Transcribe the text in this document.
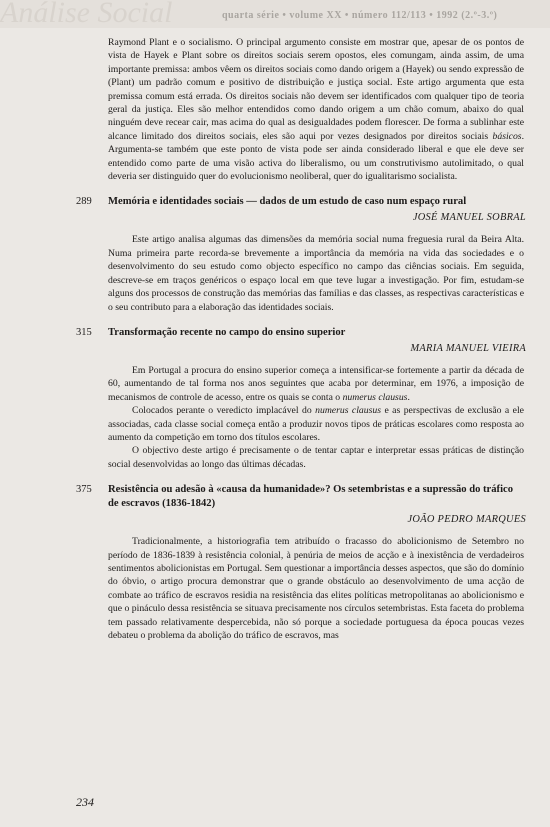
Análise Social	quarta série • volume XX • número 112/113 • 1992 (2.º-3.º)

Raymond Plant e o socialismo. O principal argumento consiste em mostrar que, apesar de os pontos de vista de Hayek e Plant sobre os direitos sociais serem opostos, eles comungam, ainda assim, de uma importante premissa: ambos vêem os direitos sociais como dando origem a (Hayek) ou sendo expressão de (Plant) um padrão comum e positivo de distribuição e justiça social. Este artigo argumenta que esta premissa comum está errada. Os direitos sociais não devem ser identificados com qualquer tipo de teoria geral da justiça. Eles são melhor entendidos como dando origem a um chão comum, abaixo do qual ninguém deve recear cair, mas acima do qual as desigualdades podem florescer. De forma a sublinhar este alcance limitado dos direitos sociais, eles são aqui por vezes designados por direitos sociais básicos. Argumenta-se também que este ponto de vista pode ser ainda considerado liberal e que ele deve ser entendido como parte de uma visão activa do liberalismo, ou um construtivismo autolimitado, o qual deveria ser distinguido quer do evolucionismo neoliberal, quer do igualitarismo socialista.

289 Memória e identidades sociais — dados de um estudo de caso num espaço rural
JOSÉ MANUEL SOBRAL

Este artigo analisa algumas das dimensões da memória social numa freguesia rural da Beira Alta. Numa primeira parte recorda-se brevemente a importância da memória na vida das sociedades e o desenvolvimento do seu estudo como objecto específico no campo das ciências sociais. Em seguida, descreve-se em traços genéricos o espaço local em que teve lugar a investigação. Por fim, estudam-se alguns dos processos de construção das memórias das famílias e das classes, as respectivas características e o seu contributo para a elaboração das identidades sociais.

315 Transformação recente no campo do ensino superior
MARIA MANUEL VIEIRA

Em Portugal a procura do ensino superior começa a intensificar-se fortemente a partir da década de 60, aumentando de tal forma nos anos seguintes que acaba por determinar, em 1976, a imposição de mecanismos de controle de acesso, entre os quais se conta o numerus clausus.

Colocados perante o veredicto implacável do numerus clausus e as perspectivas de exclusão a ele associadas, cada classe social começa então a produzir novos tipos de práticas escolares como resposta ao aumento da competição em torno dos títulos escolares.

O objectivo deste artigo é precisamente o de tentar captar e interpretar essas práticas de distinção social desenvolvidas ao longo das últimas décadas.

375 Resistência ou adesão à «causa da humanidade»? Os setembristas e a supressão do tráfico de escravos (1836-1842)
JOÃO PEDRO MARQUES

Tradicionalmente, a historiografia tem atribuído o fracasso do abolicionismo de Setembro no período de 1836-1839 à resistência colonial, à penúria de meios de acção e à inexistência de verdadeiros sentimentos abolicionistas em Portugal. Sem questionar a importância desses aspectos, que são do domínio do óbvio, o artigo procura demonstrar que o grande obstáculo ao desenvolvimento de uma acção de combate ao tráfico de escravos residia na resistência das elites políticas metropolitanas ao abolicionismo e que o pináculo dessa resistência se situava precisamente nos círculos setembristas. Esta faceta do problema tem passado relativamente despercebida, não só porque a sociedade portuguesa da época poucas vezes debateu o problema da abolição do tráfico de escravos, mas

234
